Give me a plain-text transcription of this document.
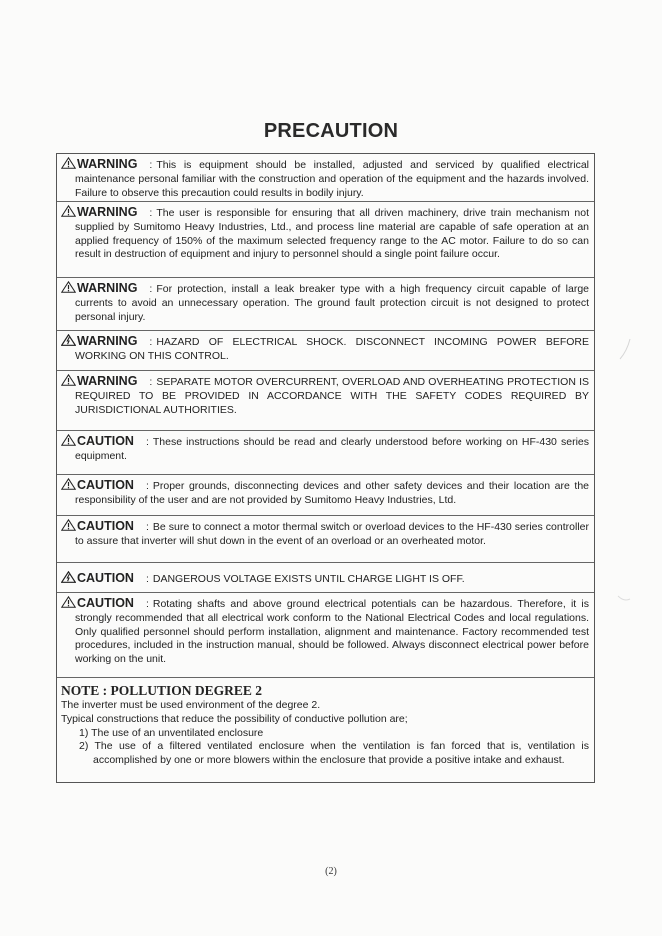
PRECAUTION
WARNING : This is equipment should be installed, adjusted and serviced by qualified electrical maintenance personal familiar with the construction and operation of the equipment and the hazards involved. Failure to observe this precaution could results in bodily injury.
WARNING : The user is responsible for ensuring that all driven machinery, drive train mechanism not supplied by Sumitomo Heavy Industries, Ltd., and process line material are capable of safe operation at an applied frequency of 150% of the maximum selected frequency range to the AC motor. Failure to do so can result in destruction of equipment and injury to personnel should a single point failure occur.
WARNING : For protection, install a leak breaker type with a high frequency circuit capable of large currents to avoid an unnecessary operation. The ground fault protection circuit is not designed to protect personal injury.
WARNING : HAZARD OF ELECTRICAL SHOCK. DISCONNECT INCOMING POWER BEFORE WORKING ON THIS CONTROL.
WARNING : SEPARATE MOTOR OVERCURRENT, OVERLOAD AND OVERHEATING PROTECTION IS REQUIRED TO BE PROVIDED IN ACCORDANCE WITH THE SAFETY CODES REQUIRED BY JURISDICTIONAL AUTHORITIES.
CAUTION : These instructions should be read and clearly understood before working on HF-430 series equipment.
CAUTION : Proper grounds, disconnecting devices and other safety devices and their location are the responsibility of the user and are not provided by Sumitomo Heavy Industries, Ltd.
CAUTION : Be sure to connect a motor thermal switch or overload devices to the HF-430 series controller to assure that inverter will shut down in the event of an overload or an overheated motor.
CAUTION : DANGEROUS VOLTAGE EXISTS UNTIL CHARGE LIGHT IS OFF.
CAUTION : Rotating shafts and above ground electrical potentials can be hazardous. Therefore, it is strongly recommended that all electrical work conform to the National Electrical Codes and local regulations. Only qualified personnel should perform installation, alignment and maintenance. Factory recommended test procedures, included in the instruction manual, should be followed. Always disconnect electrical power before working on the unit.
NOTE : POLLUTION DEGREE 2
The inverter must be used environment of the degree 2.
Typical constructions that reduce the possibility of conductive pollution are;
1) The use of an unventilated enclosure
2) The use of a filtered ventilated enclosure when the ventilation is fan forced that is, ventilation is accomplished by one or more blowers within the enclosure that provide a positive intake and exhaust.
(2)
